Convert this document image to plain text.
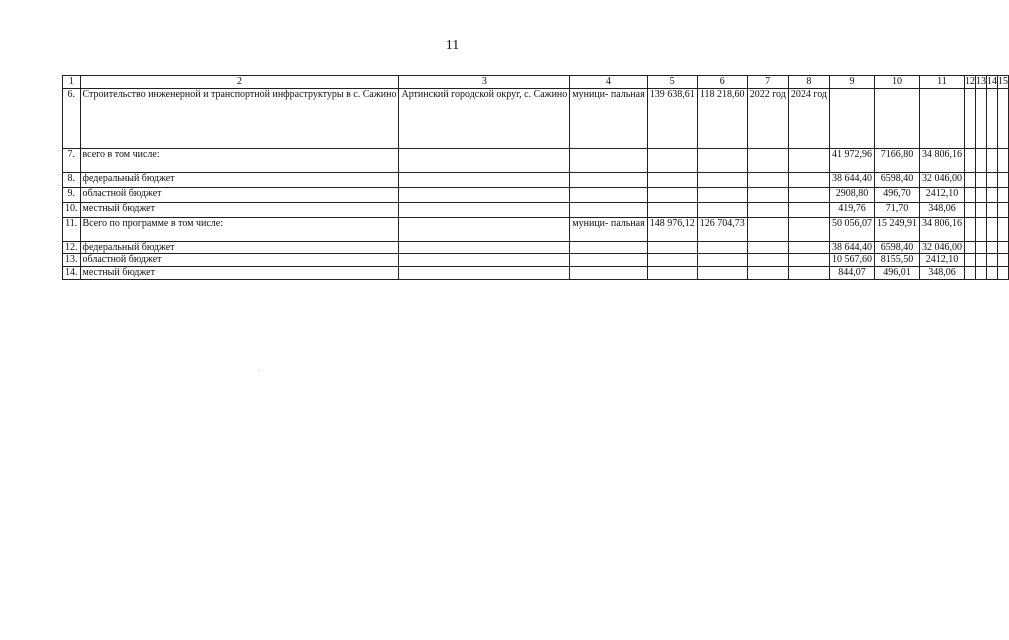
11
1	2	3	4	5	6	7	8	9	10	11	12	13	14	15
6.	Строительство инженерной и транспортной инфраструктуры в с. Сажино	Артинский городской округ, с. Сажино	муници- пальная	139 638,61	118 218,60	2022 год	2024 год							
7.	всего в том числе:							41 972,96	7166,80	34 806,16				
8.	федеральный бюджет							38 644,40	6598,40	32 046,00				
9.	областной бюджет							2908,80	496,70	2412,10				
10.	местный бюджет							419,76	71,70	348,06				
11.	Всего по программе в том числе:		муници- пальная	148 976,12	126 704,73			50 056,07	15 249,91	34 806,16				
12.	федеральный бюджет							38 644,40	6598,40	32 046,00				
13.	областной бюджет							10 567,60	8155,50	2412,10				
14.	местный бюджет							844,07	496,01	348,06				
